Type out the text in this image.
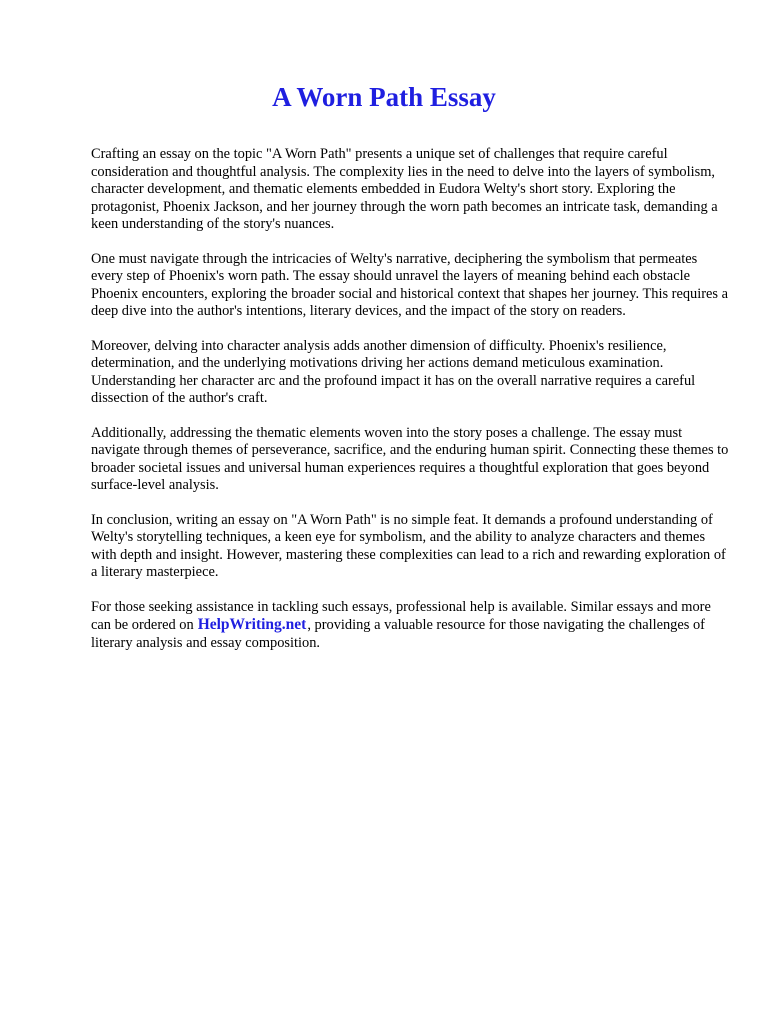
A Worn Path Essay

Crafting an essay on the topic "A Worn Path" presents a unique set of challenges that require careful consideration and thoughtful analysis. The complexity lies in the need to delve into the layers of symbolism, character development, and thematic elements embedded in Eudora Welty's short story. Exploring the protagonist, Phoenix Jackson, and her journey through the worn path becomes an intricate task, demanding a keen understanding of the story's nuances.

One must navigate through the intricacies of Welty's narrative, deciphering the symbolism that permeates every step of Phoenix's worn path. The essay should unravel the layers of meaning behind each obstacle Phoenix encounters, exploring the broader social and historical context that shapes her journey. This requires a deep dive into the author's intentions, literary devices, and the impact of the story on readers.

Moreover, delving into character analysis adds another dimension of difficulty. Phoenix's resilience, determination, and the underlying motivations driving her actions demand meticulous examination. Understanding her character arc and the profound impact it has on the overall narrative requires a careful dissection of the author's craft.

Additionally, addressing the thematic elements woven into the story poses a challenge. The essay must navigate through themes of perseverance, sacrifice, and the enduring human spirit. Connecting these themes to broader societal issues and universal human experiences requires a thoughtful exploration that goes beyond surface-level analysis.

In conclusion, writing an essay on "A Worn Path" is no simple feat. It demands a profound understanding of Welty's storytelling techniques, a keen eye for symbolism, and the ability to analyze characters and themes with depth and insight. However, mastering these complexities can lead to a rich and rewarding exploration of a literary masterpiece.

For those seeking assistance in tackling such essays, professional help is available. Similar essays and more can be ordered on HelpWriting.net, providing a valuable resource for those navigating the challenges of literary analysis and essay composition.
